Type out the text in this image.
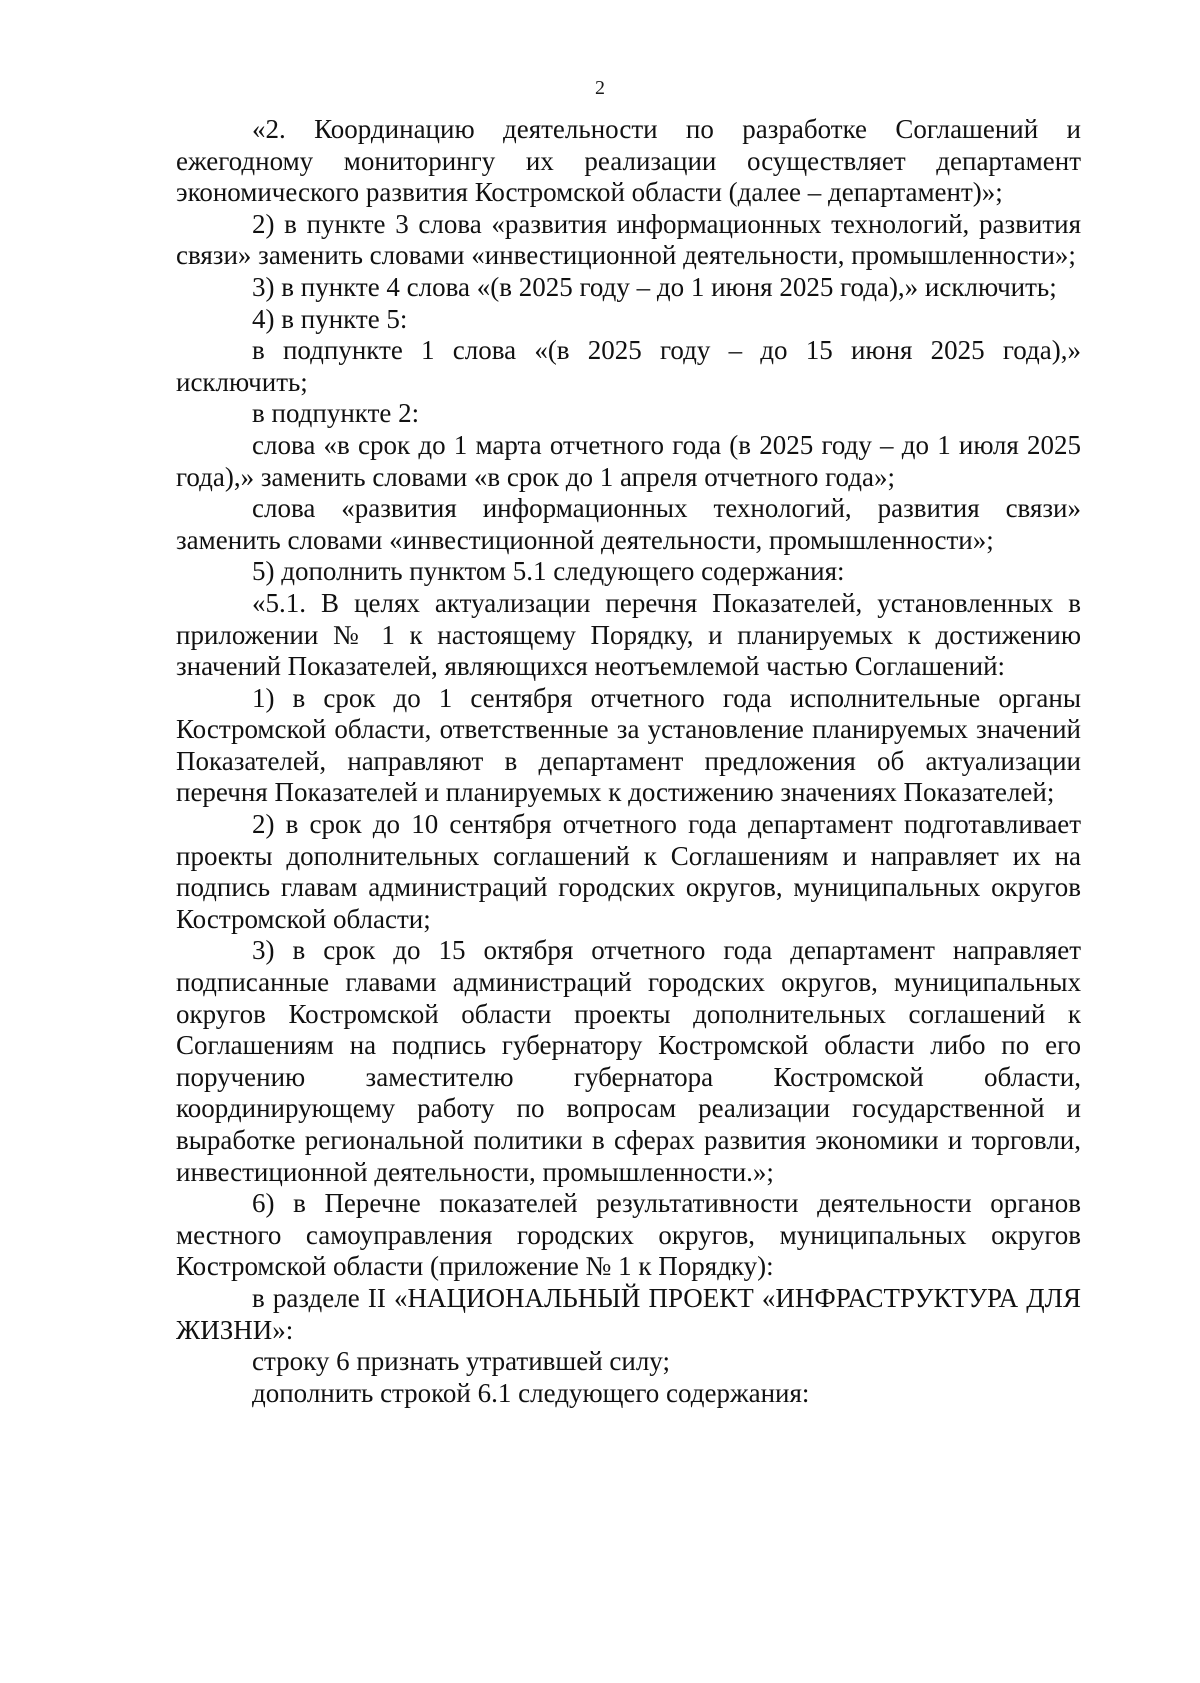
2

«2. Координацию деятельности по разработке Соглашений и ежегодному мониторингу их реализации осуществляет департамент экономического развития Костромской области (далее – департамент)»;

2) в пункте 3 слова «развития информационных технологий, развития связи» заменить словами «инвестиционной деятельности, промышленности»;

3) в пункте 4 слова «(в 2025 году – до 1 июня 2025 года),» исключить;

4) в пункте 5:

в подпункте 1 слова «(в 2025 году – до 15 июня 2025 года),» исключить;

в подпункте 2:

слова «в срок до 1 марта отчетного года (в 2025 году – до 1 июля 2025 года),» заменить словами «в срок до 1 апреля отчетного года»;

слова «развития информационных технологий, развития связи» заменить словами «инвестиционной деятельности, промышленности»;

5) дополнить пунктом 5.1 следующего содержания:

«5.1. В целях актуализации перечня Показателей, установленных в приложении № 1 к настоящему Порядку, и планируемых к достижению значений Показателей, являющихся неотъемлемой частью Соглашений:

1) в срок до 1 сентября отчетного года исполнительные органы Костромской области, ответственные за установление планируемых значений Показателей, направляют в департамент предложения об актуализации перечня Показателей и планируемых к достижению значениях Показателей;

2) в срок до 10 сентября отчетного года департамент подготавливает проекты дополнительных соглашений к Соглашениям и направляет их на подпись главам администраций городских округов, муниципальных округов Костромской области;

3) в срок до 15 октября отчетного года департамент направляет подписанные главами администраций городских округов, муниципальных округов Костромской области проекты дополнительных соглашений к Соглашениям на подпись губернатору Костромской области либо по его поручению заместителю губернатора Костромской области, координирующему работу по вопросам реализации государственной и выработке региональной политики в сферах развития экономики и торговли, инвестиционной деятельности, промышленности.»;

6) в Перечне показателей результативности деятельности органов местного самоуправления городских округов, муниципальных округов Костромской области (приложение № 1 к Порядку):

в разделе II «НАЦИОНАЛЬНЫЙ ПРОЕКТ «ИНФРАСТРУКТУРА ДЛЯ ЖИЗНИ»:

строку 6 признать утратившей силу;

дополнить строкой 6.1 следующего содержания:
